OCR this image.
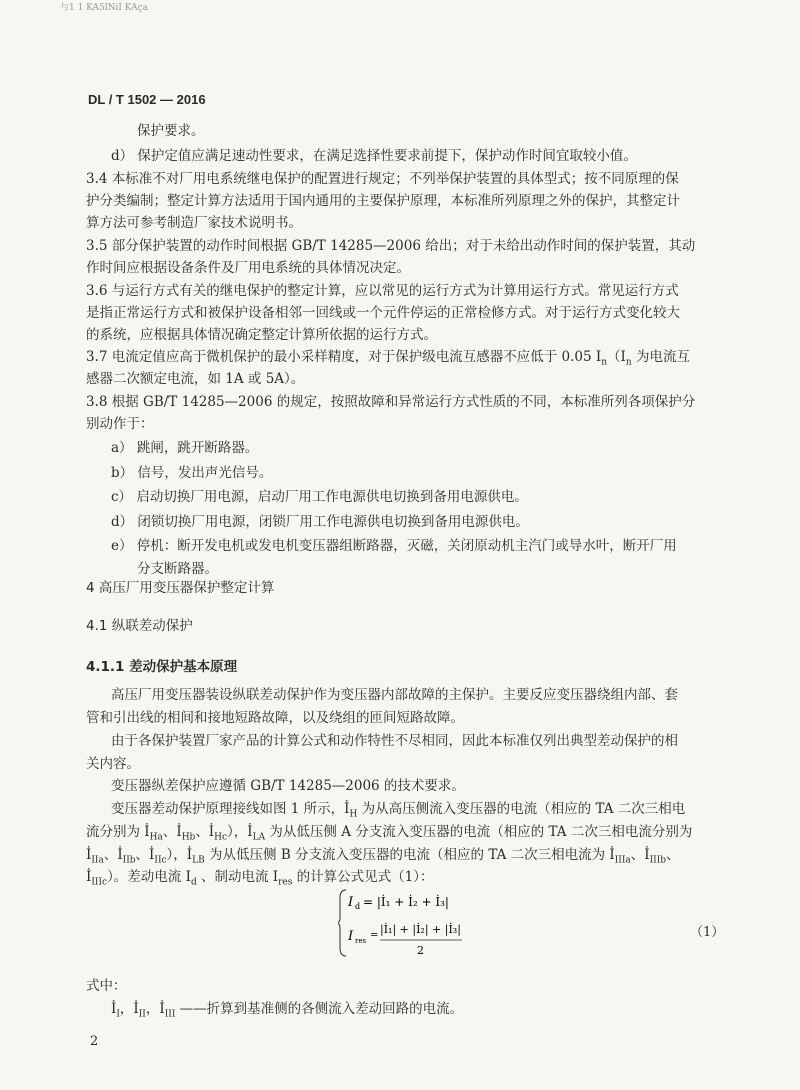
与1 1 KA5lNiI KAça
DL / T 1502 — 2016
保护要求。
d） 保护定值应满足速动性要求，在满足选择性要求前提下，保护动作时间宜取较小值。
3.4 本标准不对厂用电系统继电保护的配置进行规定；不列举保护装置的具体型式；按不同原理的保
护分类编制；整定计算方法适用于国内通用的主要保护原理，本标准所列原理之外的保护，其整定计
算方法可参考制造厂家技术说明书。
3.5 部分保护装置的动作时间根据 GB/T 14285—2006 给出；对于未给出动作时间的保护装置，其动
作时间应根据设备条件及厂用电系统的具体情况决定。
3.6 与运行方式有关的继电保护的整定计算，应以常见的运行方式为计算用运行方式。常见运行方式
是指正常运行方式和被保护设备相邻一回线或一个元件停运的正常检修方式。对于运行方式变化较大
的系统，应根据具体情况确定整定计算所依据的运行方式。
3.7 电流定值应高于微机保护的最小采样精度，对于保护级电流互感器不应低于 0.05 $I_n(I_n$ 为电流互
感器二次额定电流，如 1A 或 5A）。
3.8 根据 GB/T 14285—2006 的规定，按照故障和异常运行方式性质的不同，本标准所列各项保护分
别动作于：
a） 跳闸，跳开断路器。
b） 信号，发出声光信号。
c） 启动切换厂用电源，启动厂用工作电源供电切换到备用电源供电。
d） 闭锁切换厂用电源，闭锁厂用工作电源供电切换到备用电源供电。
e） 停机：断开发电机或发电机变压器组断路器，灭磁，关闭原动机主汽门或导水叶，断开厂用
分支断路器。
4 高压厂用变压器保护整定计算
4.1 纵联差动保护
4.1.1 差动保护基本原理
高压厂用变压器装设纵联差动保护作为变压器内部故障的主保护。主要反应变压器绕组内部、套
管和引出线的相间和接地短路故障，以及绕组的匝间短路故障。
由于各保护装置厂家产品的计算公式和动作特性不尽相同，因此本标准仅列出典型差动保护的相
关内容。
变压器纵差保护应遵循 GB/T 14285—2006 的技术要求。
变压器差动保护原理接线如图 1 所示，$İ_H$ 为从高压侧流入变压器的电流（相应的 TA 二次三相电
流分别为 $İ_{Ha}$、$İ_{Hb}$、$İ_{Hc}$），$İ_{LA}$ 为从低压侧 A 分支流入变压器的电流（相应的 TA 二次三相电流分别为
$İ_{IIa}$、$İ_{IIb}$、$İ_{IIc}$），$İ_{LB}$ 为从低压侧 B 分支流入变压器的电流（相应的 TA 二次三相电流为 $İ_{IIIa}$、$İ_{IIIb}$、
$İ_{IIIc}$）。差动电流 $I_d$ 、制动电流 $I_{res}$ 的计算公式见式（1）：
I d = |İ₁ + İ₂ + İ₃|
I res = |İ₁| + |İ₂| + |İ₃|
2
（1）
式中：
$İ_I$，$İ_{II}$，$İ_{III}$ ——折算到基准侧的各侧流入差动回路的电流。
2
